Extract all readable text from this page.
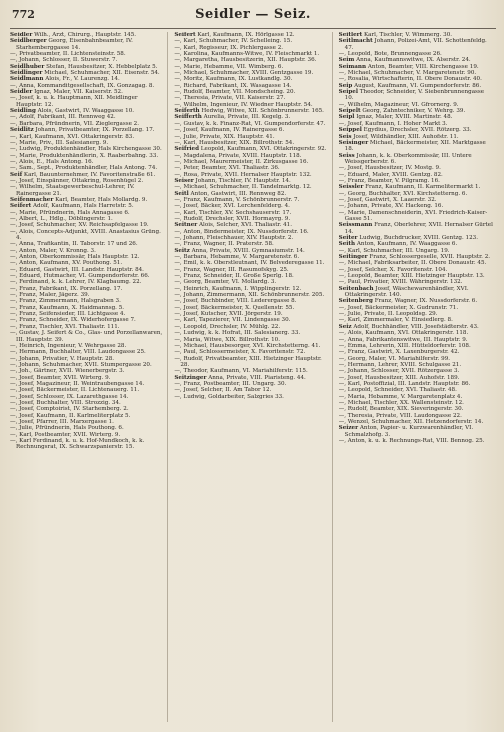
772	Seidler — Seiz.

Seidler Wilh., Arzt, Chirurg., Hauptstr. 145.

Seidlberger Georg, Eisenbahnbeamter, IV. Starhemberggasse 14.

—, Privatbeamter, II. Lichtensteinstr. 58.

—, Johann, Schlosser, II. Stuwerstr. 7.

Seidlhuber Stefan, Hausbesitzer, X. Hebbelplatz 5.

Seidlinger Michael, Schuhmacher, XII. Eisenstr. 54.

Seidlmann Alois, Fr., V. Laurenzg. 14.

—, Anna, Kommanditgesellschaft, IX. Gonzagag. 8.

Seidler Ignaz, Maler, VII. Kaiserstr. 52.

—, Josef, k. u. k. Hauptmann, XII. Meidlinger Hauptstr. 12.

Seidling Alois, Gastwirt, IV. Waaggasse 10.

—, Adolf, Fabrikant, III. Rennweg 42.

—, Barbara, Pfründnerin, VII. Zieglergasse 2.

Seidlitz Johann, Privatbeamter, IX. Porzellang. 17.

—, Karl, Kaufmann, XVI. Ottakringerstr. 83.

—, Marie, Priv., III. Salesianerg. 9.

—, Ludwig, Produktenhändler, Hals Kirchengasse 30.

—, Marie, Produktenhändlerin, X. Raaberbahng. 33.

—, Alois, E., Hals Antong. 16.

—, Sam., Sept., Produktenhändler, Hals Antong. 74.

Seif Karl, Bauunternehmer, IV. Favoritenstraße 61.

—, Josef, Einspänner, Ottakring, Rosenhügel 2.

—, Wilhelm, Staatsgewerbeschul-Lehrer, IV. Rainergasse 21.

Seifenmacher Karl, Beamter, Hals Mollardg. 9.

Seifert Adolf, Kaufmann, Hals Harretstr. 5.

—, Marie, Pfründnerin, Hals Annagasse 6.

—, Albert, L., Hdlg., Döblingerstr. 1.

—, Josef, Schuhmacher, XV. Reichsapfelgasse 19.

—, Alois, Concepts-Adjunkt, XVIII. Anastasius Grüng. 4.

—, Anna, Trafikantin, II. Taborstr. 17 und 26.

—, Anton, Maler, V. Kronng. 3.

—, Anton, Oberkommissär, Hals Hauptstr. 12.

—, Anton, Kaufmann, XV. Pouthong. 51.

—, Eduard, Gastwirt, III. Landstr. Hauptstr. 84.

—, Eduard, Hutmacher, VI. Gumpendorferstr. 66.

—, Ferdinand, k. k. Lehrer, IV. Klagbaumg. 22.

—, Franz, Fabrikant, IX. Porzellang. 17.

—, Franz, Maler, Jägerz. 39.

—, Franz, Zimmermann, Halsgraben 3.

—, Franz, Kaufmann, X. Haidmannsg. 5.

—, Franz, Seifensieder, III. Lichtgasse 4.

—, Franz, Schneider, IX. Widerhofergasse 7.

—, Franz, Tischler, XVI. Thaliastr. 111.

—, Gustav, J. Seifert & Co., Glas- und Porzellanwaren, III. Hauptstr. 39.

—, Heinrich, Ingenieur, V. Wehrgasse 28.

—, Hermann, Buchhalter, VIII. Laudongasse 25.

—, Johann, Privatier, V. Hauptstr. 28.

—, Johann, Schuhmacher, XVII. Stumpergasse 20.

—, Joh., Gärtner, XVII. Wienerbergstr. 3.

—, Josef, Beamter, XVII. Wirterg. 9.

—, Josef, Magazineur, II. Weintraubengasse 14.

—, Josef, Bäckermeister, II. Lichtenauerg. 11.

—, Josef, Schlosser, IX. Lazarethgasse 14.

—, Josef, Buchhalter, VIII. Strozzig. 34.

—, Josef, Comptoirist, IV. Starhemberg. 2.

—, Josef, Kaufmann, II. Karlmeliterplatz 5.

—, Josef, Pfarrer, III. Marxergasse 1.

—, Julie, Pfründnerin, Hals Pouthong. 6.

—, Karl, Postbeamter, XVII. Wirterg. 9.

—, Karl Ferdinand, k. u. k. Hof-Mundkoch, k. k. Rechnungsrat, IX. Schwarzspanierstr. 15.

Seifert Karl, Kaufmann, IX. Hörlgasse 12.

—, Karl, Schuhmacher, IV. Schelleing. 15.

—, Karl, Regisseur, IX. Pichlergasse 2.

—, Karolina, Kaufmanns-Witwe, IV. Fleischmarkt 1.

—, Margaretha, Hausbesitzerin, XII. Hauptstr. 36.

—, Marie, Hebamme, VII. Wimberg. 6.

—, Michael, Schuhmacher, XVIII. Gentzgasse 19.

—, Moritz, Kaufmann, IX. Lustkandlg. 30.

—, Richard, Fabrikant, IX. Wasagasse 14.

—, Rudolf, Beamter, VII. Mondscheing. 20.

—, Theresia, Private, VII. Kaiserstr. 27.

—, Wilhelm, Ingenieur, IV. Wiedner Hauptstr. 54.

Seiferth Hedwig, Witwe, XII. Schönbrunnerstr. 165.

Seifferth Aurelia, Private, III. Kegelg. 3.

—, Gustav, k. k. Finanz-Rat, VI. Gumpendorferstr. 47.

—, Josef, Kaufmann, IV. Rainergasse 6.

—, Julie, Private, XIX. Hauptstr. 41.

—, Karl, Hausbesitzer, XIX. Billrothstr. 54.

Seifried Leopold, Kaufmann, XVI. Ottakringerstr. 92.

—, Magdalena, Private, XVIII. Hauptstr. 118.

—, Michael, Maurermeister, II. Zirkusgasse 16.

—, Peter, Beamter, XVI. Thaliastr. 36.

—, Rosa, Private, XVII. Hernalser Hauptstr. 132.

Seiser Johann, Tischler, IV. Hauptstr. 14.

—, Michael, Schuhmacher, II. Tandelmarktg. 12.

Seitl Anton, Gastwirt, III. Rennweg 82.

—, Franz, Kaufmann, V. Schönbrunnerstr. 7.

—, Josef, Bäcker, XVI. Lerchenfelderg. 4.

—, Karl, Tischler, XV. Sechshauserstr. 17.

—, Rudolf, Drechsler, XVII. Hormayrg. 9.

Seitner Alois, Selcher, XVI. Thaliastr. 41.

—, Anton, Bindermeister, IX. Nussdorferstr. 16.

—, Johann, Fleischhauer, XIV. Hauptstr. 2.

—, Franz, Wagner, II. Praterstr. 58.

Seitz Anna, Private, XVIII. Gymnasiumstr. 14.

—, Barbara, Hebamme, V. Margaretenstr. 6.

—, Emil, k. k. Oberstleutnant, IV. Belvederegasse 11.

—, Franz, Wagner, III. Rasumofskyg. 25.

—, Franz, Schneider, II. Große Sperlg. 18.

—, Georg, Beamter, VI. Mollardg. 3.

—, Heinrich, Kaufmann, I. Wipplingerstr. 12.

—, Johann, Zimmermann, XII. Schönbrunnerstr. 205.

—, Josef, Buchbinder, VIII. Lederergasse 8.

—, Josef, Bäckermeister, X. Quellenstr. 55.

—, Josef, Kutscher, XVII. Jörgerstr. 19.

—, Karl, Tapezierer, VII. Lindengasse 30.

—, Leopold, Drechsler, IV. Mühlg. 22.

—, Ludwig, k. k. Hofrat, III. Salesianerg. 33.

—, Maria, Witwe, XIX. Billrothstr. 10.

—, Michael, Hausbesorger, XVI. Kirchstetterng. 41.

—, Paul, Schlossermeister, X. Favoritenstr. 72.

—, Rudolf, Privatbeamter, XIII. Hietzinger Hauptstr. 28.

—, Theodor, Kaufmann, VI. Mariahilferstr. 115.

Seitzinger Anna, Private, VIII. Piaristeng. 44.

—, Franz, Postbeamter, III. Ungarg. 30.

—, Josef, Selcher, II. Am Tabor 12.

—, Ludwig, Goldarbeiter, Salzgries 33.

Seitlert Karl, Tischler, V. Wimmerg. 30.

Seitlmacht Johann, Polizei-Amt, VII. Schottenfeldg. 47.

—, Leopold, Bote, Brunnengasse 26.

Seim Anna, Kaufmannswitwe, IX. Alserstr. 24.

Seimann Anton, Beamter, VIII. Kirchengasse 19.

—, Michael, Schuhmacher, V. Margaretenstr. 90.

—, Rosalia, Wirtschafterin, II. Obere Donaustr. 40.

Seip August, Kaufmann, VI. Gumpendorferstr. 86.

Seipel Theodor, Schneider, V. Siebenbrunnengasse 10.

—, Wilhelm, Magazineur, VI. Gfrornerg. 9.

Seipelt Georg, Zahntechniker, V. Wehrg. 39.

Seipl Ignaz, Maler, XVIII. Martinstr. 48.

—, Josef, Kaufmann, I. Hoher Markt 3.

Seippel Egydius, Drechsler, XVII. Rötzerg. 33.

Seis Josef, Wildhändler, XIII. Auhofstr. 11.

Seisinger Michael, Bäckermeister, XII. Marktgasse 18.

Seiss Johann, k. k. Oberkommissär, III. Untere Weissgerberstr. 6.

—, Josef, Hausbesitzer, IV. Mostg. 9.

—, Eduard, Maler, XVIII. Gentzg. 82.

—, Franz, Beamter, V. Pilgramg. 16.

Seissler Franz, Kaufmann, II. Karmelitermarkt 1.

—, Georg, Buchhalter, XVI. Kirchstetterng. 6.

—, Josef, Gastwirt, X. Laaerstr. 32.

—, Johann, Private, XV. Hackeng. 16.

—, Marie, Damenschneiderin, XVI. Friedrich-Kaiser-Gasse 51.

Seissmann Franz, Oberlehrer, XVII. Hernalser Gürtel 14.

Seiter Ludwig, Buchdrucker, XVIII. Gentzg. 123.

Seith Anton, Kaufmann, IV. Waaggasse 6.

—, Karl, Schuhmacher, III. Ungarg. 19.

Seitinger Franz, Schlossergeselle, XVII. Hauptstr. 2.

—, Michael, Fabriksarbeiter, II. Obere Donaustr. 45.

—, Josef, Selcher, X. Favoritenstr. 104.

—, Leopold, Beamter, XIII. Hietzinger Hauptstr. 13.

—, Paul, Privatier, XVIII. Währingerstr. 132.

Seitenbach Josef, Wäschewarenhändler, XVI. Ottakringerstr. 140.

Seitenberg Franz, Wagner, IX. Nussdorferstr. 6.

—, Josef, Bäckermeister, X. Gudrunstr. 71.

—, Julie, Private, II. Leopoldsg. 29.

—, Karl, Zimmermaler, V. Einsiedlerg. 8.

Seiz Adolf, Buchhändler, VIII. Josefstädterstr. 43.

—, Alois, Kaufmann, XVI. Ottakringerstr. 118.

—, Anna, Fabrikantenswitwe, III. Hauptstr. 9.

—, Emma, Lehrerin, XIII. Hütteldorferstr. 108.

—, Franz, Gastwirt, X. Laxenburgerstr. 42.

—, Georg, Maler, VI. Mariahilferstr. 99.

—, Hermann, Lehrer, XVIII. Schulgasse 21.

—, Johann, Schlosser, XVII. Rötzergasse 3.

—, Josef, Hausbesitzer, XIII. Auhofstr. 189.

—, Karl, Postoffizial, III. Landstr. Hauptstr. 86.

—, Leopold, Schneider, XVI. Thaliastr. 48.

—, Maria, Hebamme, V. Margaretenplatz 4.

—, Michael, Tischler, XX. Wallensteinstr. 12.

—, Rudolf, Beamter, XIX. Sieveringerstr. 30.

—, Theresia, Private, VIII. Laudongasse 22.

—, Wenzel, Schuhmacher, XII. Hetzendorferstr. 14.

Seizer Anton, Papier- u. Kurzwarenhändler, VI. Schmalzhofg. 3.

—, Anton, k. u. k. Rechnungs-Rat, VIII. Bennog. 25.
